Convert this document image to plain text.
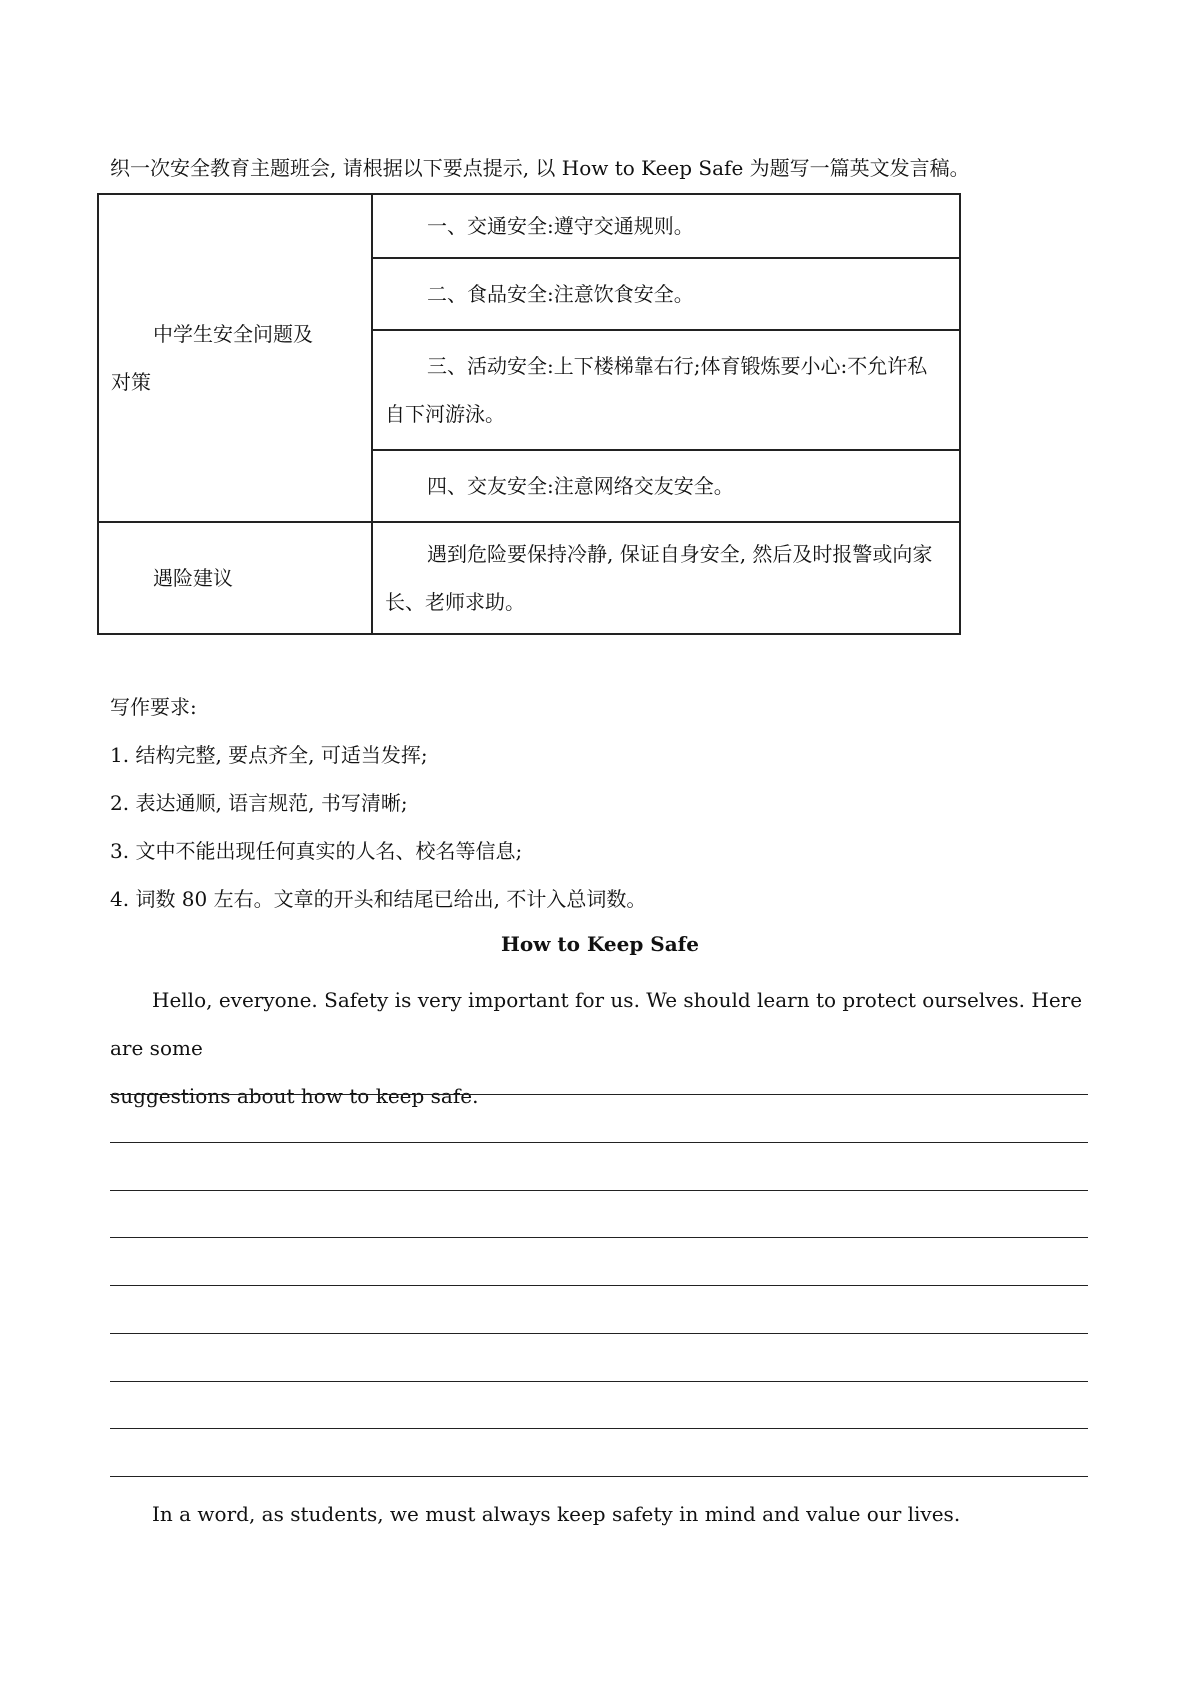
织一次安全教育主题班会, 请根据以下要点提示, 以 How to Keep Safe 为题写一篇英文发言稿。
中学生安全问题及
对策	一、交通安全:遵守交通规则。

	二、食品安全:注意饮食安全。

	三、活动安全:上下楼梯靠右行;体育锻炼要小心:不允许私自下河游泳。

	四、交友安全:注意网络交友安全。

遇险建议	遇到危险要保持冷静, 保证自身安全, 然后及时报警或向家长、老师求助。
写作要求:
1. 结构完整, 要点齐全, 可适当发挥;
2. 表达通顺, 语言规范, 书写清晰;
3. 文中不能出现任何真实的人名、校名等信息;
4. 词数 80 左右。文章的开头和结尾已给出, 不计入总词数。
How to Keep Safe
Hello, everyone. Safety is very important for us. We should learn to protect ourselves. Here are some
suggestions about how to keep safe.
In a word, as students, we must always keep safety in mind and value our lives.
